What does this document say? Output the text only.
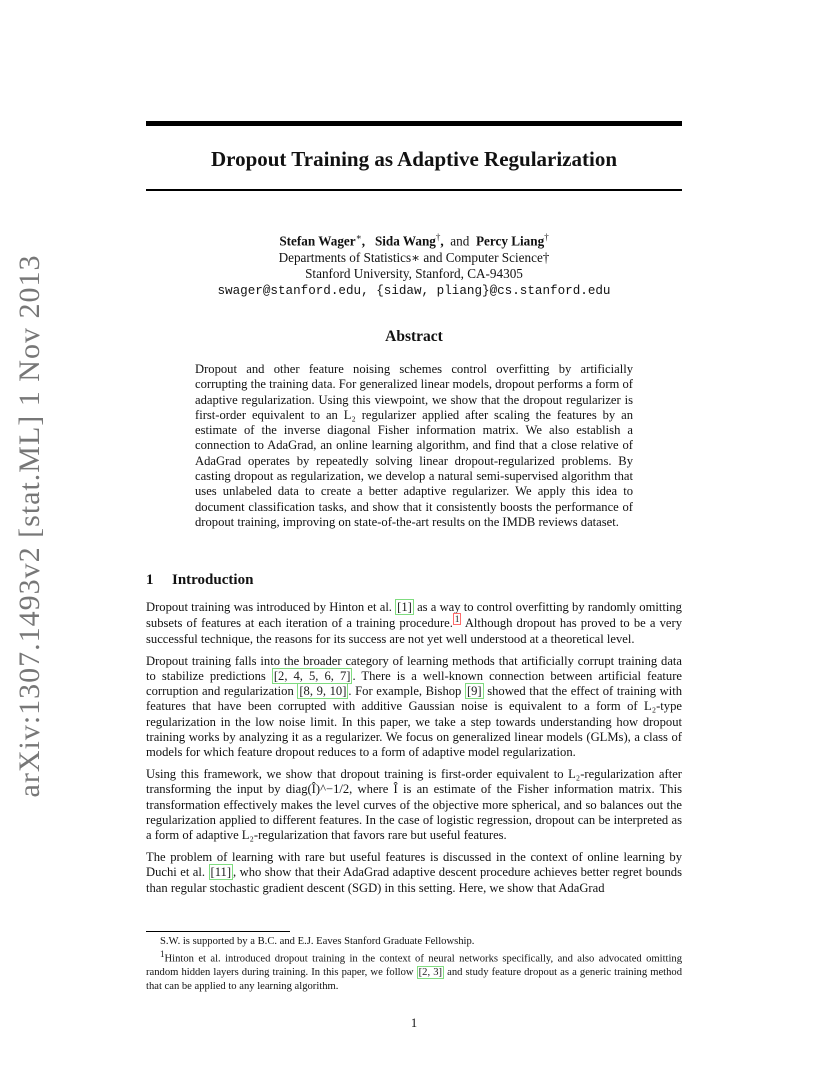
arXiv:1307.1493v2 [stat.ML] 1 Nov 2013
Dropout Training as Adaptive Regularization
Stefan Wager∗,   Sida Wang†, and Percy Liang†
Departments of Statistics∗ and Computer Science†
Stanford University, Stanford, CA-94305
swager@stanford.edu, {sidaw, pliang}@cs.stanford.edu
Abstract
Dropout and other feature noising schemes control overfitting by artificially corrupting the training data. For generalized linear models, dropout performs a form of adaptive regularization. Using this viewpoint, we show that the dropout regularizer is first-order equivalent to an L₂ regularizer applied after scaling the features by an estimate of the inverse diagonal Fisher information matrix. We also establish a connection to AdaGrad, an online learning algorithm, and find that a close relative of AdaGrad operates by repeatedly solving linear dropout-regularized problems. By casting dropout as regularization, we develop a natural semi-supervised algorithm that uses unlabeled data to create a better adaptive regularizer. We apply this idea to document classification tasks, and show that it consistently boosts the performance of dropout training, improving on state-of-the-art results on the IMDB reviews dataset.
1 Introduction

Dropout training was introduced by Hinton et al. [1] as a way to control overfitting by randomly omitting subsets of features at each iteration of a training procedure. $^1$ Although dropout has proved to be a very successful technique, the reasons for its success are not yet well understood at a theoretical level.

Dropout training falls into the broader category of learning methods that artificially corrupt training data to stabilize predictions [2, 4, 5, 6, 7] . There is a well-known connection between artificial feature corruption and regularization [8, 9, 10] . For example, Bishop [9] showed that the effect of training with features that have been corrupted with additive Gaussian noise is equivalent to a form of L₂-type regularization in the low noise limit. In this paper, we take a step towards understanding how dropout training works by analyzing it as a regularizer. We focus on generalized linear models (GLMs), a class of models for which feature dropout reduces to a form of adaptive model regularization.

Using this framework, we show that dropout training is first-order equivalent to L₂-regularization after transforming the input by diag(Î)^−1/2, where Î is an estimate of the Fisher information matrix. This transformation effectively makes the level curves of the objective more spherical, and so balances out the regularization applied to different features. In the case of logistic regression, dropout can be interpreted as a form of adaptive L₂-regularization that favors rare but useful features.

The problem of learning with rare but useful features is discussed in the context of online learning by Duchi et al. [11] , who show that their AdaGrad adaptive descent procedure achieves better regret bounds than regular stochastic gradient descent (SGD) in this setting. Here, we show that AdaGrad

S.W. is supported by a B.C. and E.J. Eaves Stanford Graduate Fellowship.

$^1$Hinton et al. introduced dropout training in the context of neural networks specifically, and also advocated omitting random hidden layers during training. In this paper, we follow [2, 3] and study feature dropout as a generic training method that can be applied to any learning algorithm.

1
